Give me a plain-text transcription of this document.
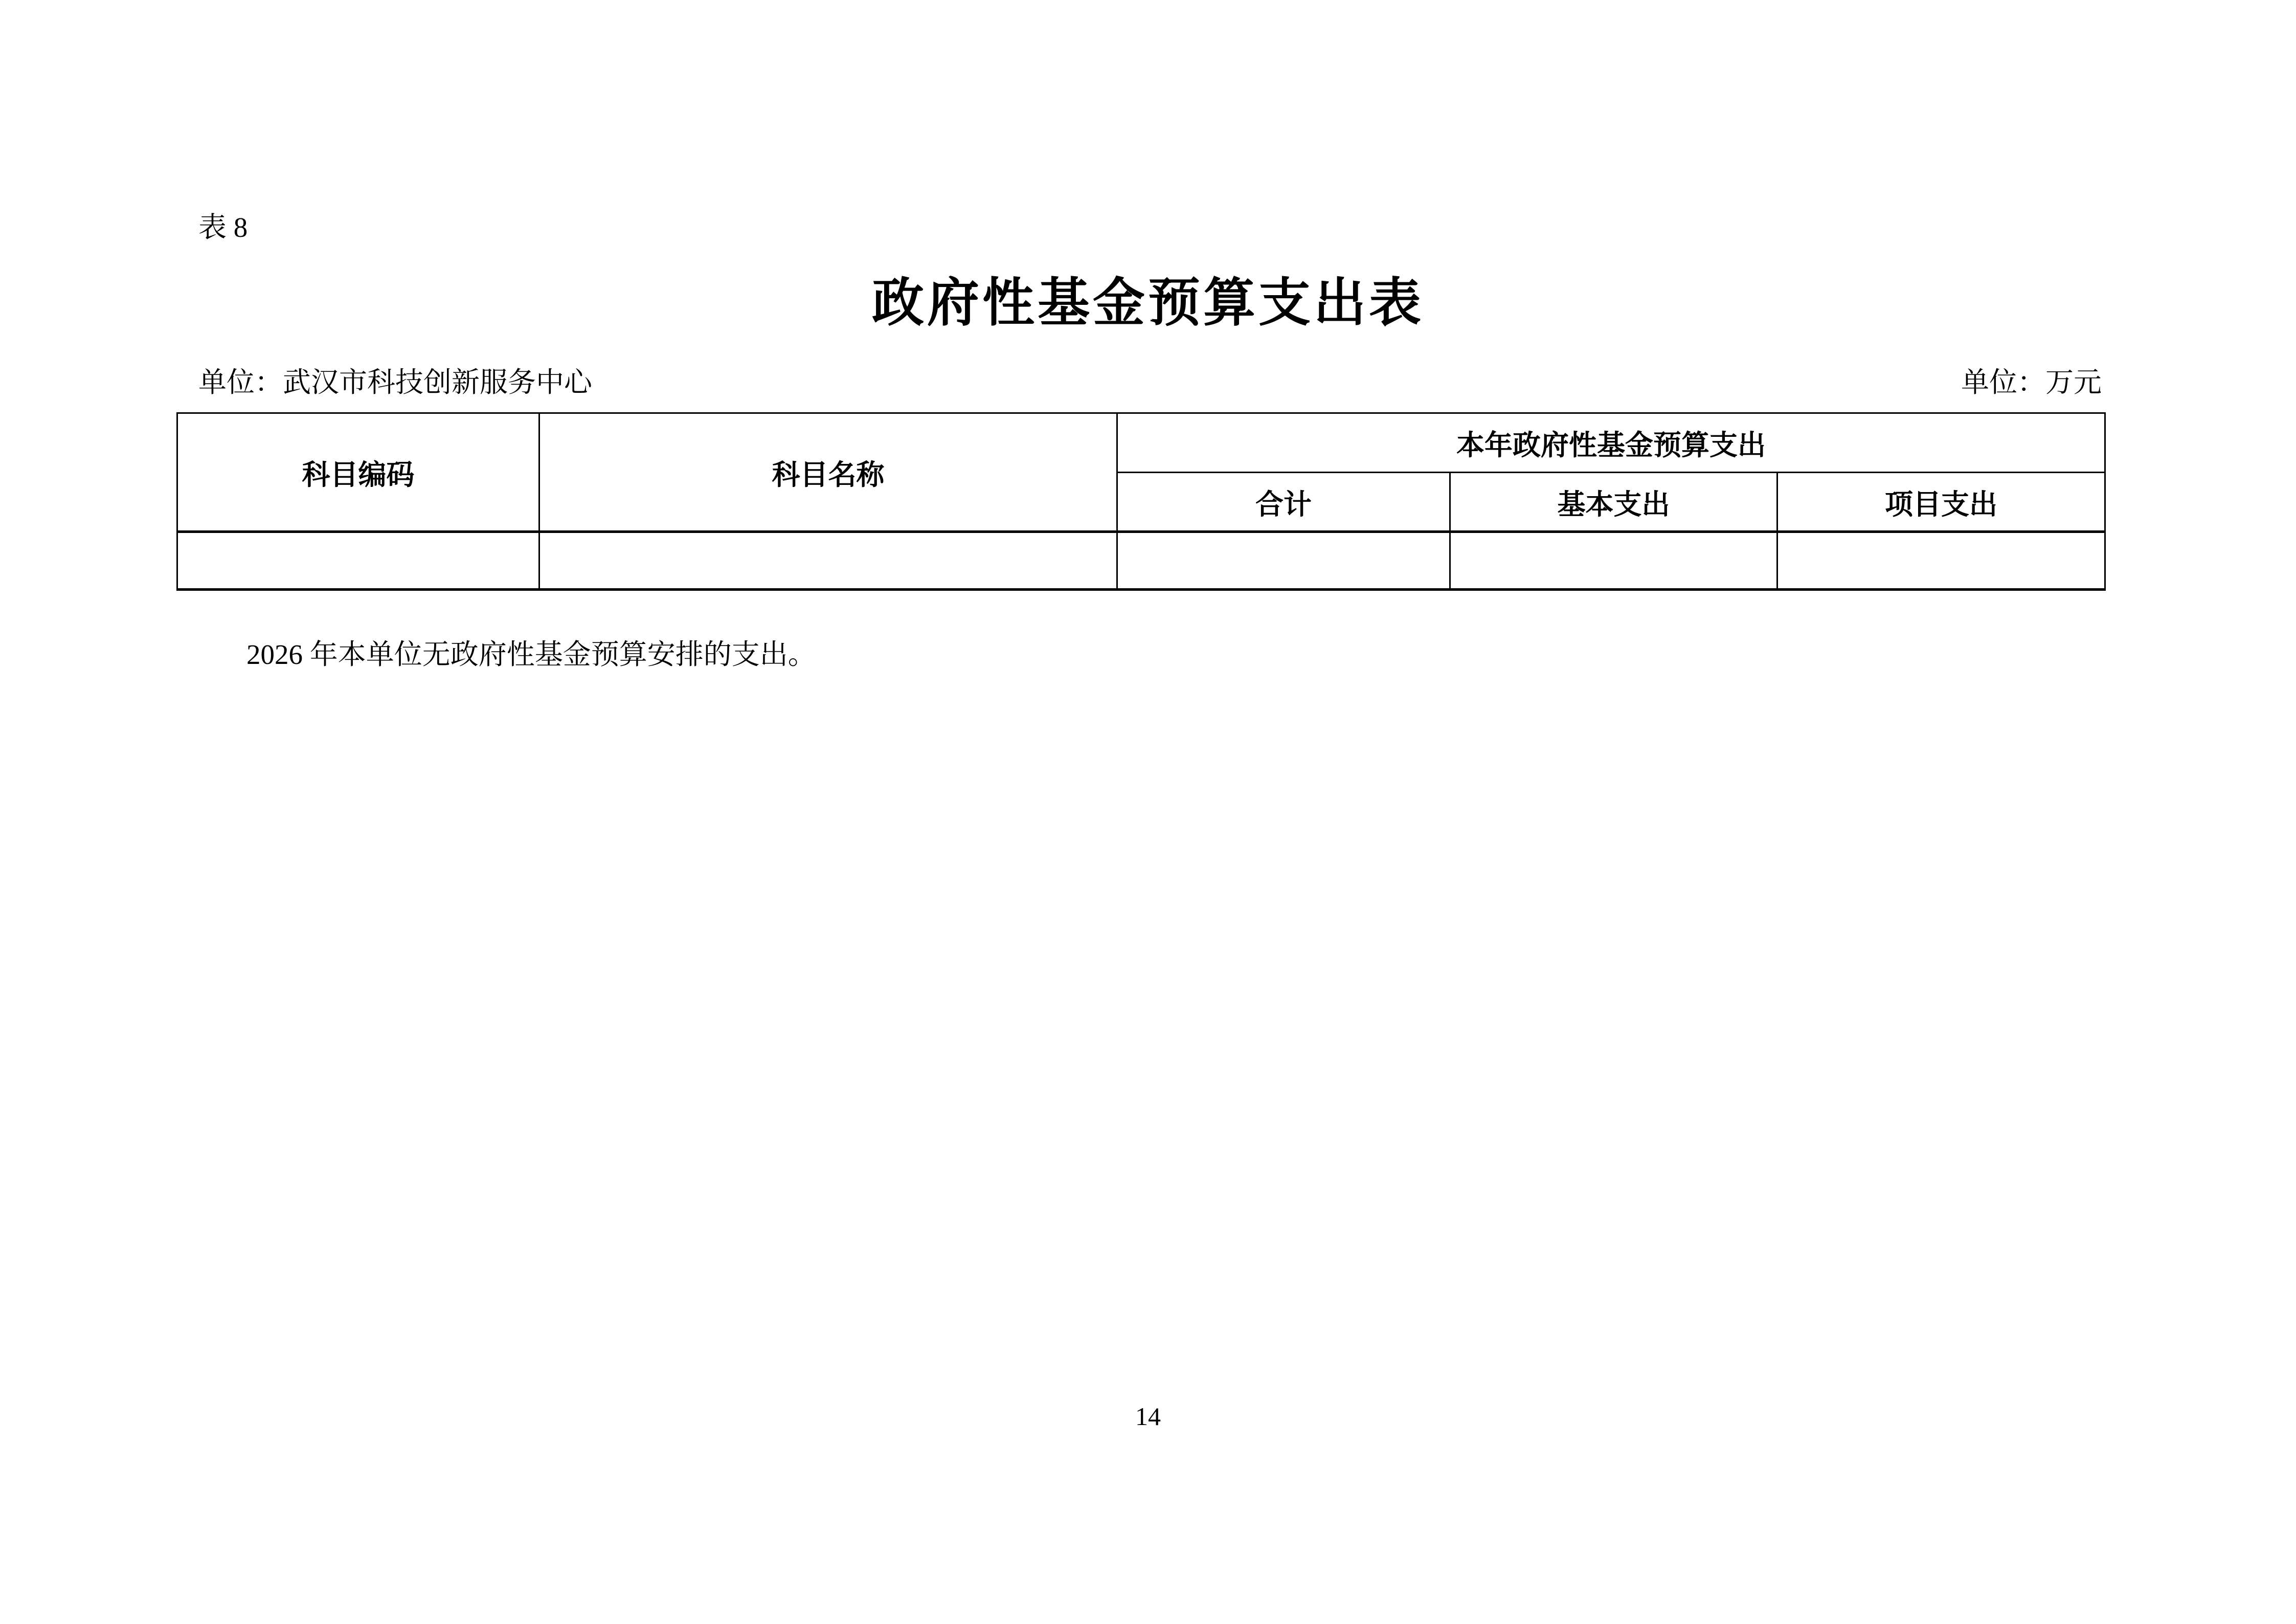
表 8
政府性基金预算支出表
单位：武汉市科技创新服务中心	单位：万元
科目编码	科目名称	本年政府性基金预算支出		
		合计	基本支出	项目支出

2026 年本单位无政府性基金预算安排的支出。

14
